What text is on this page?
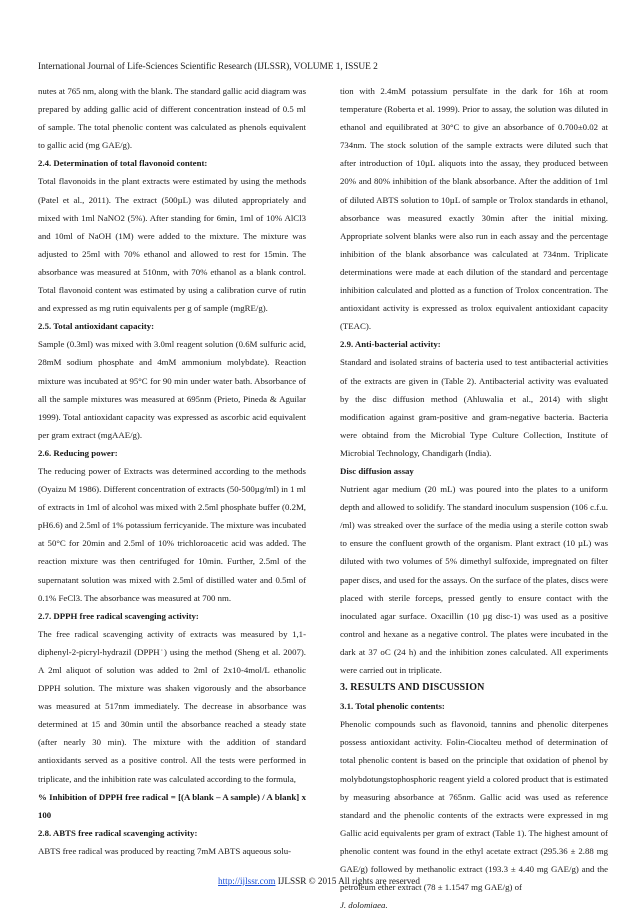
International Journal of Life-Sciences Scientific Research (IJLSSR), VOLUME 1, ISSUE 2

nutes at 765 nm, along with the blank. The standard gallic acid diagram was prepared by adding gallic acid of different concentration instead of 0.5 ml of sample. The total phenolic content was calculated as phenols equivalent to gallic acid (mg GAE/g).

2.4. Determination of total flavonoid content:

Total flavonoids in the plant extracts were estimated by using the methods (Patel et al., 2011). The extract (500µL) was diluted appropriately and mixed with 1ml NaNO2 (5%). After standing for 6min, 1ml of 10% AlCl3 and 10ml of NaOH (1M) were added to the mixture. The mixture was adjusted to 25ml with 70% ethanol and allowed to rest for 15min. The absorbance was measured at 510nm, with 70% ethanol as a blank control. Total flavonoid content was estimated by using a calibration curve of rutin and expressed as mg rutin equivalents per g of sample (mgRE/g).

2.5. Total antioxidant capacity:

Sample (0.3ml) was mixed with 3.0ml reagent solution (0.6M sulfuric acid, 28mM sodium phosphate and 4mM ammonium molybdate). Reaction mixture was incubated at 95°C for 90 min under water bath. Absorbance of all the sample mixtures was measured at 695nm (Prieto, Pineda & Aguilar 1999). Total antioxidant capacity was expressed as ascorbic acid equivalent per gram extract (mgAAE/g).

2.6. Reducing power:

The reducing power of Extracts was determined according to the methods (Oyaizu M 1986). Different concentration of extracts (50-500µg/ml) in 1 ml of extracts in 1ml of alcohol was mixed with 2.5ml phosphate buffer (0.2M, pH6.6) and 2.5ml of 1% potassium ferricyanide. The mixture was incubated at 50°C for 20min and 2.5ml of 10% trichloroacetic acid was added. The reaction mixture was then centrifuged for 10min. Further, 2.5ml of the supernatant solution was mixed with 2.5ml of distilled water and 0.5ml of 0.1% FeCl3. The absorbance was measured at 700 nm.

2.7. DPPH free radical scavenging activity:

The free radical scavenging activity of extracts was measured by 1,1-diphenyl-2-picryl-hydrazil (DPPH˙) using the method (Sheng et al. 2007). A 2ml aliquot of solution was added to 2ml of 2x10-4mol/L ethanolic DPPH solution. The mixture was shaken vigorously and the absorbance was measured at 517nm immediately. The decrease in absorbance was determined at 15 and 30min until the absorbance reached a steady state (after nearly 30 min). The mixture with the addition of standard antioxidants served as a positive control. All the tests were performed in triplicate, and the inhibition rate was calculated according to the formula,

% Inhibition of DPPH free radical = [(A blank – A sample) / A blank] x 100

2.8. ABTS free radical scavenging activity:

ABTS free radical was produced by reacting 7mM ABTS aqueous solu-

tion with 2.4mM potassium persulfate in the dark for 16h at room temperature (Roberta et al. 1999). Prior to assay, the solution was diluted in ethanol and equilibrated at 30°C to give an absorbance of 0.700±0.02 at 734nm. The stock solution of the sample extracts were diluted such that after introduction of 10µL aliquots into the assay, they produced between 20% and 80% inhibition of the blank absorbance. After the addition of 1ml of diluted ABTS solution to 10µL of sample or Trolox standards in ethanol, absorbance was measured exactly 30min after the initial mixing. Appropriate solvent blanks were also run in each assay and the percentage inhibition of the blank absorbance was calculated at 734nm. Triplicate determinations were made at each dilution of the standard and percentage inhibition calculated and plotted as a function of Trolox concentration. The antioxidant activity is expressed as trolox equivalent antioxidant capacity (TEAC).

2.9. Anti-bacterial activity:

Standard and isolated strains of bacteria used to test antibacterial activities of the extracts are given in (Table 2). Antibacterial activity was evaluated by the disc diffusion method (Ahluwalia et al., 2014) with slight modification against gram-positive and gram-negative bacteria. Bacteria were obtaind from the Microbial Type Culture Collection, Institute of Microbial Technology, Chandigarh (India).

Disc diffusion assay

Nutrient agar medium (20 mL) was poured into the plates to a uniform depth and allowed to solidify. The standard inoculum suspension (106 c.f.u. /ml) was streaked over the surface of the media using a sterile cotton swab to ensure the confluent growth of the organism. Plant extract (10 µL) was diluted with two volumes of 5% dimethyl sulfoxide, impregnated on filter paper discs, and used for the assays. On the surface of the plates, discs were placed with sterile forceps, pressed gently to ensure contact with the inoculated agar surface. Oxacillin (10 µg disc-1) was used as a positive control and hexane as a negative control. The plates were incubated in the dark at 37 oC (24 h) and the inhibition zones calculated. All experiments were carried out in triplicate.

3. RESULTS AND DISCUSSION

3.1. Total phenolic contents:

Phenolic compounds such as flavonoid, tannins and phenolic diterpenes possess antioxidant activity. Folin-Ciocalteu method of determination of total phenolic content is based on the principle that oxidation of phenol by molybdotungstophosphoric reagent yield a colored product that is estimated by measuring absorbance at 765nm. Gallic acid was used as reference standard and the phenolic contents of the extracts were expressed in mg Gallic acid equivalents per gram of extract (Table 1). The highest amount of phenolic content was found in the ethyl acetate extract (295.36 ± 2.88 mg GAE/g) followed by methanolic extract (193.3 ± 4.40 mg GAE/g) and the petroleum ether extract (78 ± 1.1547 mg GAE/g) of

J. dolomiaea.

http://ijlssr.com IJLSSR © 2015 All rights are reserved
